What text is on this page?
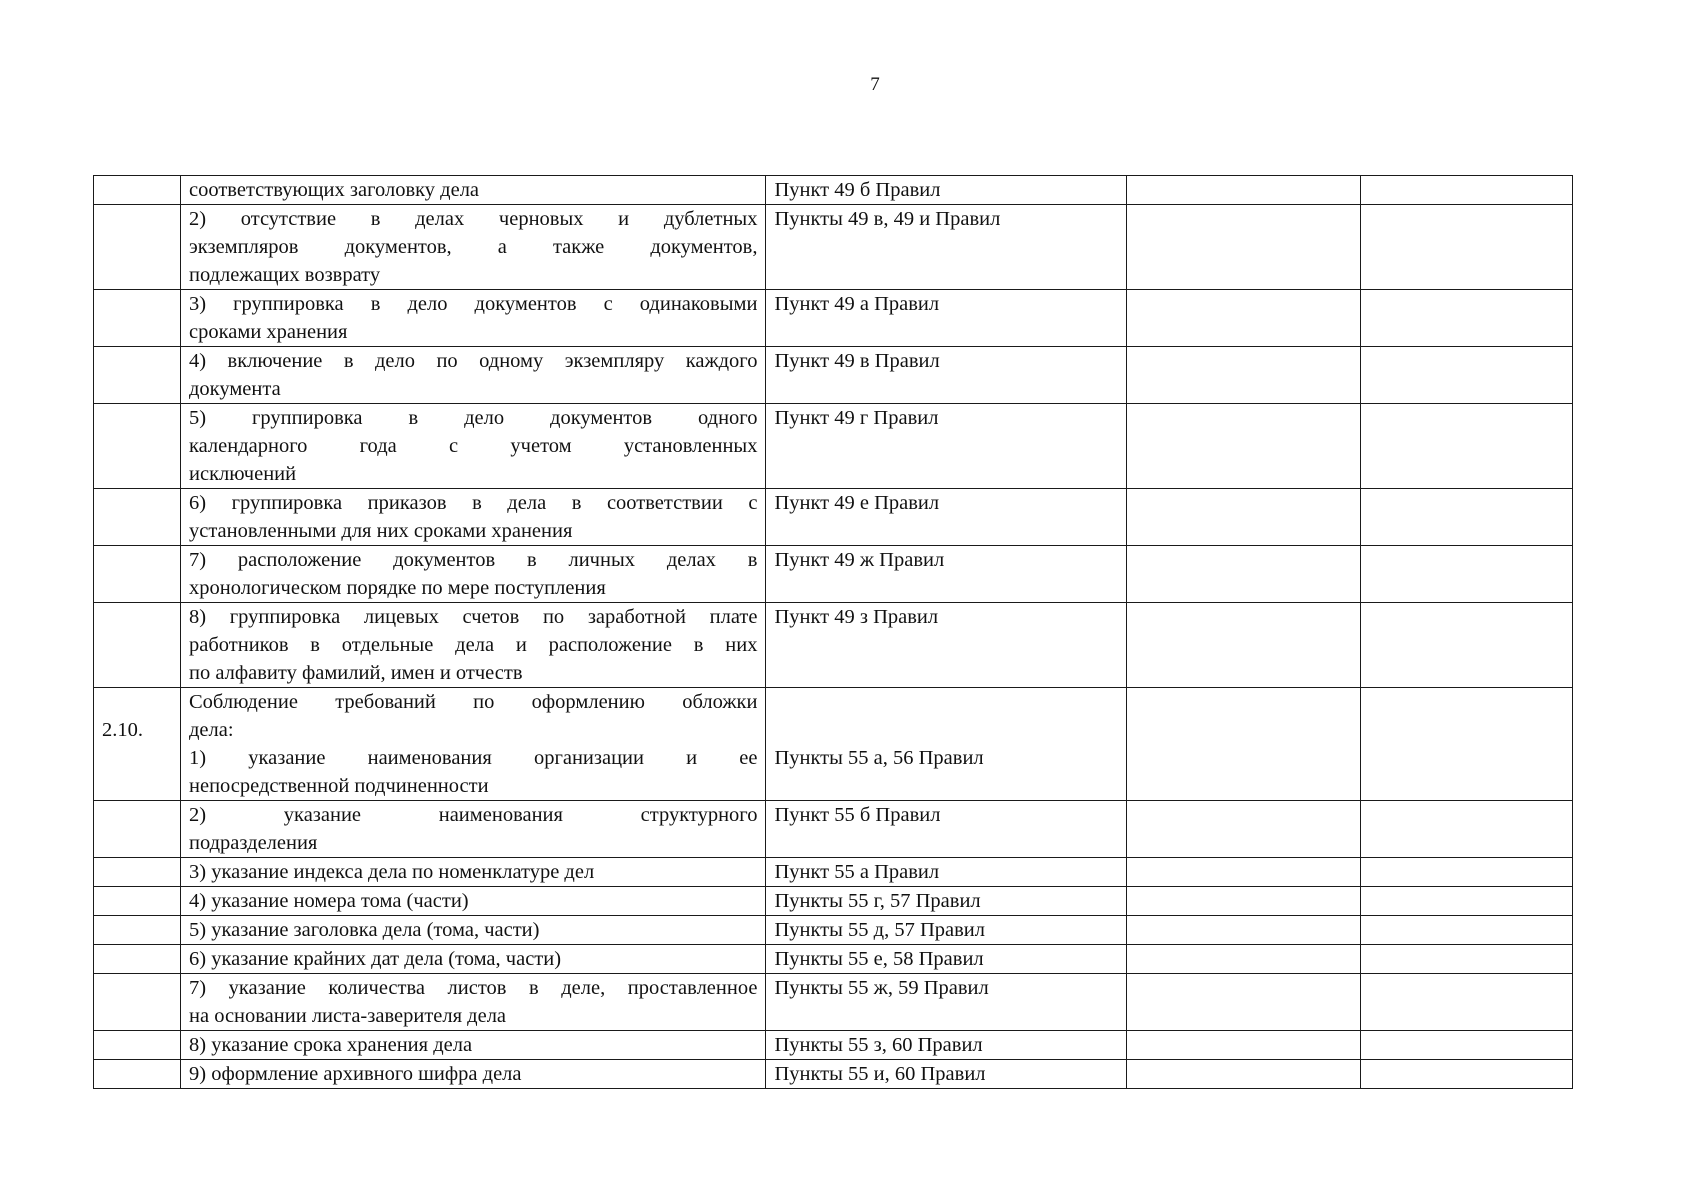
7

	соответствующих заголовку дела	Пункт 49 б Правил		

	2) отсутствие в делах черновых и дублетных
экземпляров документов, а также документов,
подлежащих возврату	Пункты 49 в, 49 и Правил		

	3) группировка в дело документов с одинаковыми
сроками хранения	Пункт 49 а Правил		

	4) включение в дело по одному экземпляру каждого
документа	Пункт 49 в Правил		

	5) группировка в дело документов одного
календарного года с учетом установленных
исключений	Пункт 49 г Правил		

	6) группировка приказов в дела в соответствии с
установленными для них сроками хранения	Пункт 49 е Правил		

	7) расположение документов в личных делах в
хронологическом порядке по мере поступления	Пункт 49 ж Правил		

	8) группировка лицевых счетов по заработной плате
работников в отдельные дела и расположение в них
по алфавиту фамилий, имен и отчеств	Пункт 49 з Правил		

2.10.	Соблюдение требований по оформлению обложки
дела:
1) указание наименования организации и ее
непосредственной подчиненности	Пункты 55 а, 56 Правил		

	2) указание наименования структурного
подразделения	Пункт 55 б Правил		

	3) указание индекса дела по номенклатуре дел	Пункт 55 а Правил		

	4) указание номера тома (части)	Пункты 55 г, 57 Правил		

	5) указание заголовка дела (тома, части)	Пункты 55 д, 57 Правил		

	6) указание крайних дат дела (тома, части)	Пункты 55 е, 58 Правил		

	7) указание количества листов в деле, проставленное
на основании листа-заверителя дела	Пункты 55 ж, 59 Правил		

	8) указание срока хранения дела	Пункты 55 з, 60 Правил		

	9) оформление архивного шифра дела	Пункты 55 и, 60 Правил		
